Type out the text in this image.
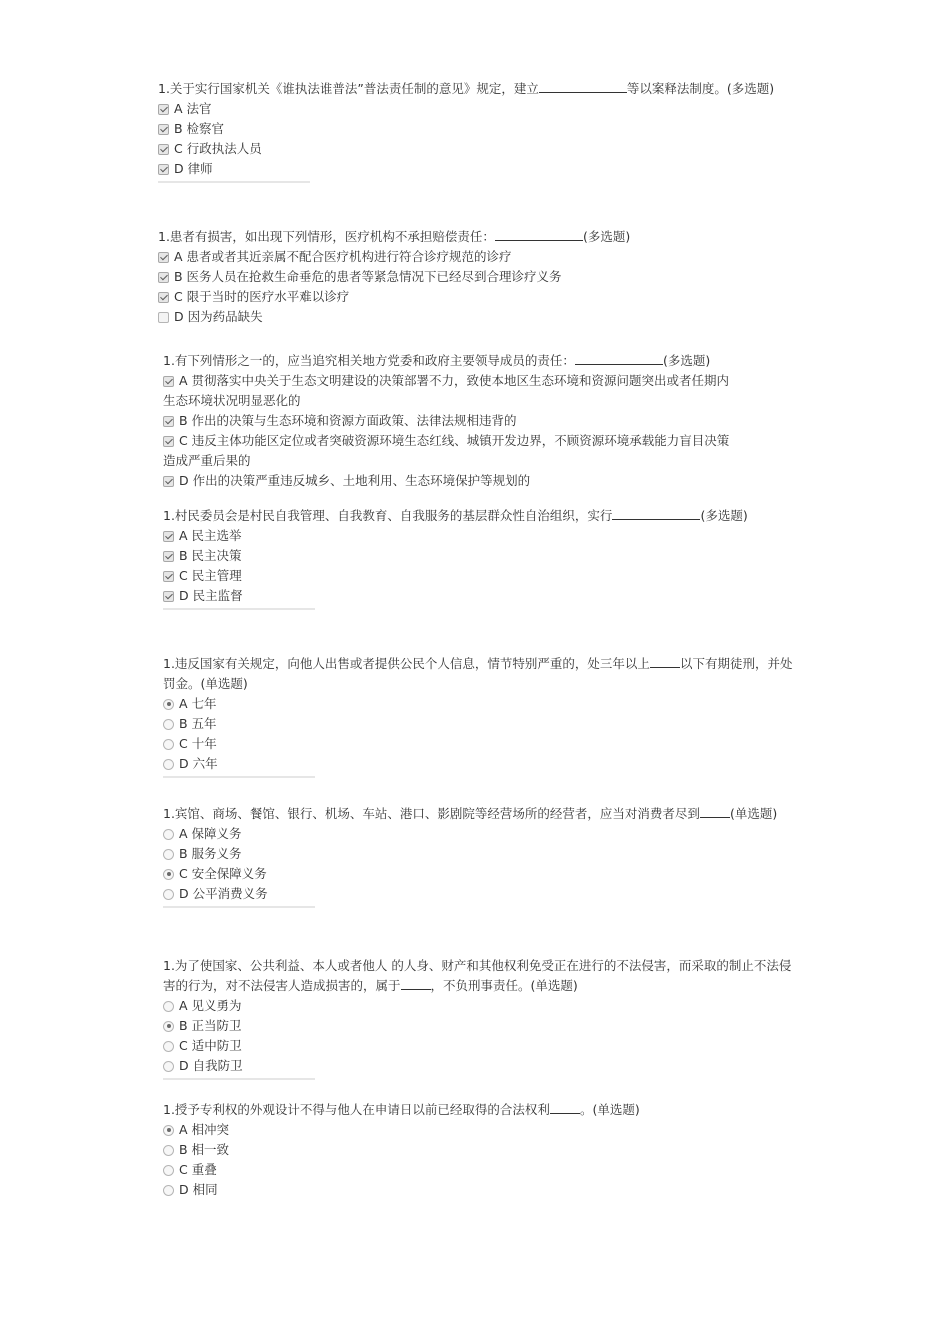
1.关于实行国家机关《谁执法谁普法”普法责任制的意见》规定，建立	等以案释法制度。(多选题)
A 法官
B 检察官
C 行政执法人员
D 律师
1.患者有损害，如出现下列情形，医疗机构不承担赔偿责任：	(多选题)
A 患者或者其近亲属不配合医疗机构进行符合诊疗规范的诊疗
B 医务人员在抢救生命垂危的患者等紧急情况下已经尽到合理诊疗义务
C 限于当时的医疗水平难以诊疗
D 因为药品缺失
1.有下列情形之一的，应当追究相关地方党委和政府主要领导成员的责任：	(多选题)
A 贯彻落实中央关于生态文明建设的决策部署不力，致使本地区生态环境和资源问题突出或者任期内
生态环境状况明显恶化的
B 作出的决策与生态环境和资源方面政策、法律法规相违背的
C 违反主体功能区定位或者突破资源环境生态红线、城镇开发边界，不顾资源环境承载能力盲目决策
造成严重后果的
D 作出的决策严重违反城乡、土地利用、生态环境保护等规划的
1.村民委员会是村民自我管理、自我教育、自我服务的基层群众性自治组织，实行	(多选题)
A 民主选举
B 民主决策
C 民主管理
D 民主监督
1.违反国家有关规定，向他人出售或者提供公民个人信息，情节特别严重的，处三年以上 以下有期徒刑，并处罚金。(单选题)
A 七年
B 五年
C 十年
D 六年
1.宾馆、商场、餐馆、银行、机场、车站、港口、影剧院等经营场所的经营者，应当对消费者尽到 (单选题)
A 保障义务
B 服务义务
C 安全保障义务
D 公平消费义务
1.为了使国家、公共利益、本人或者他人 的人身、财产和其他权利免受正在进行的不法侵害，而采取的制止不法侵害的行为，对不法侵害人造成损害的，属于 ，不负刑事责任。(单选题)
A 见义勇为
B 正当防卫
C 适中防卫
D 自我防卫
1.授予专利权的外观设计不得与他人在申请日以前已经取得的合法权利 。(单选题)
A 相冲突
B 相一致
C 重叠
D 相同
